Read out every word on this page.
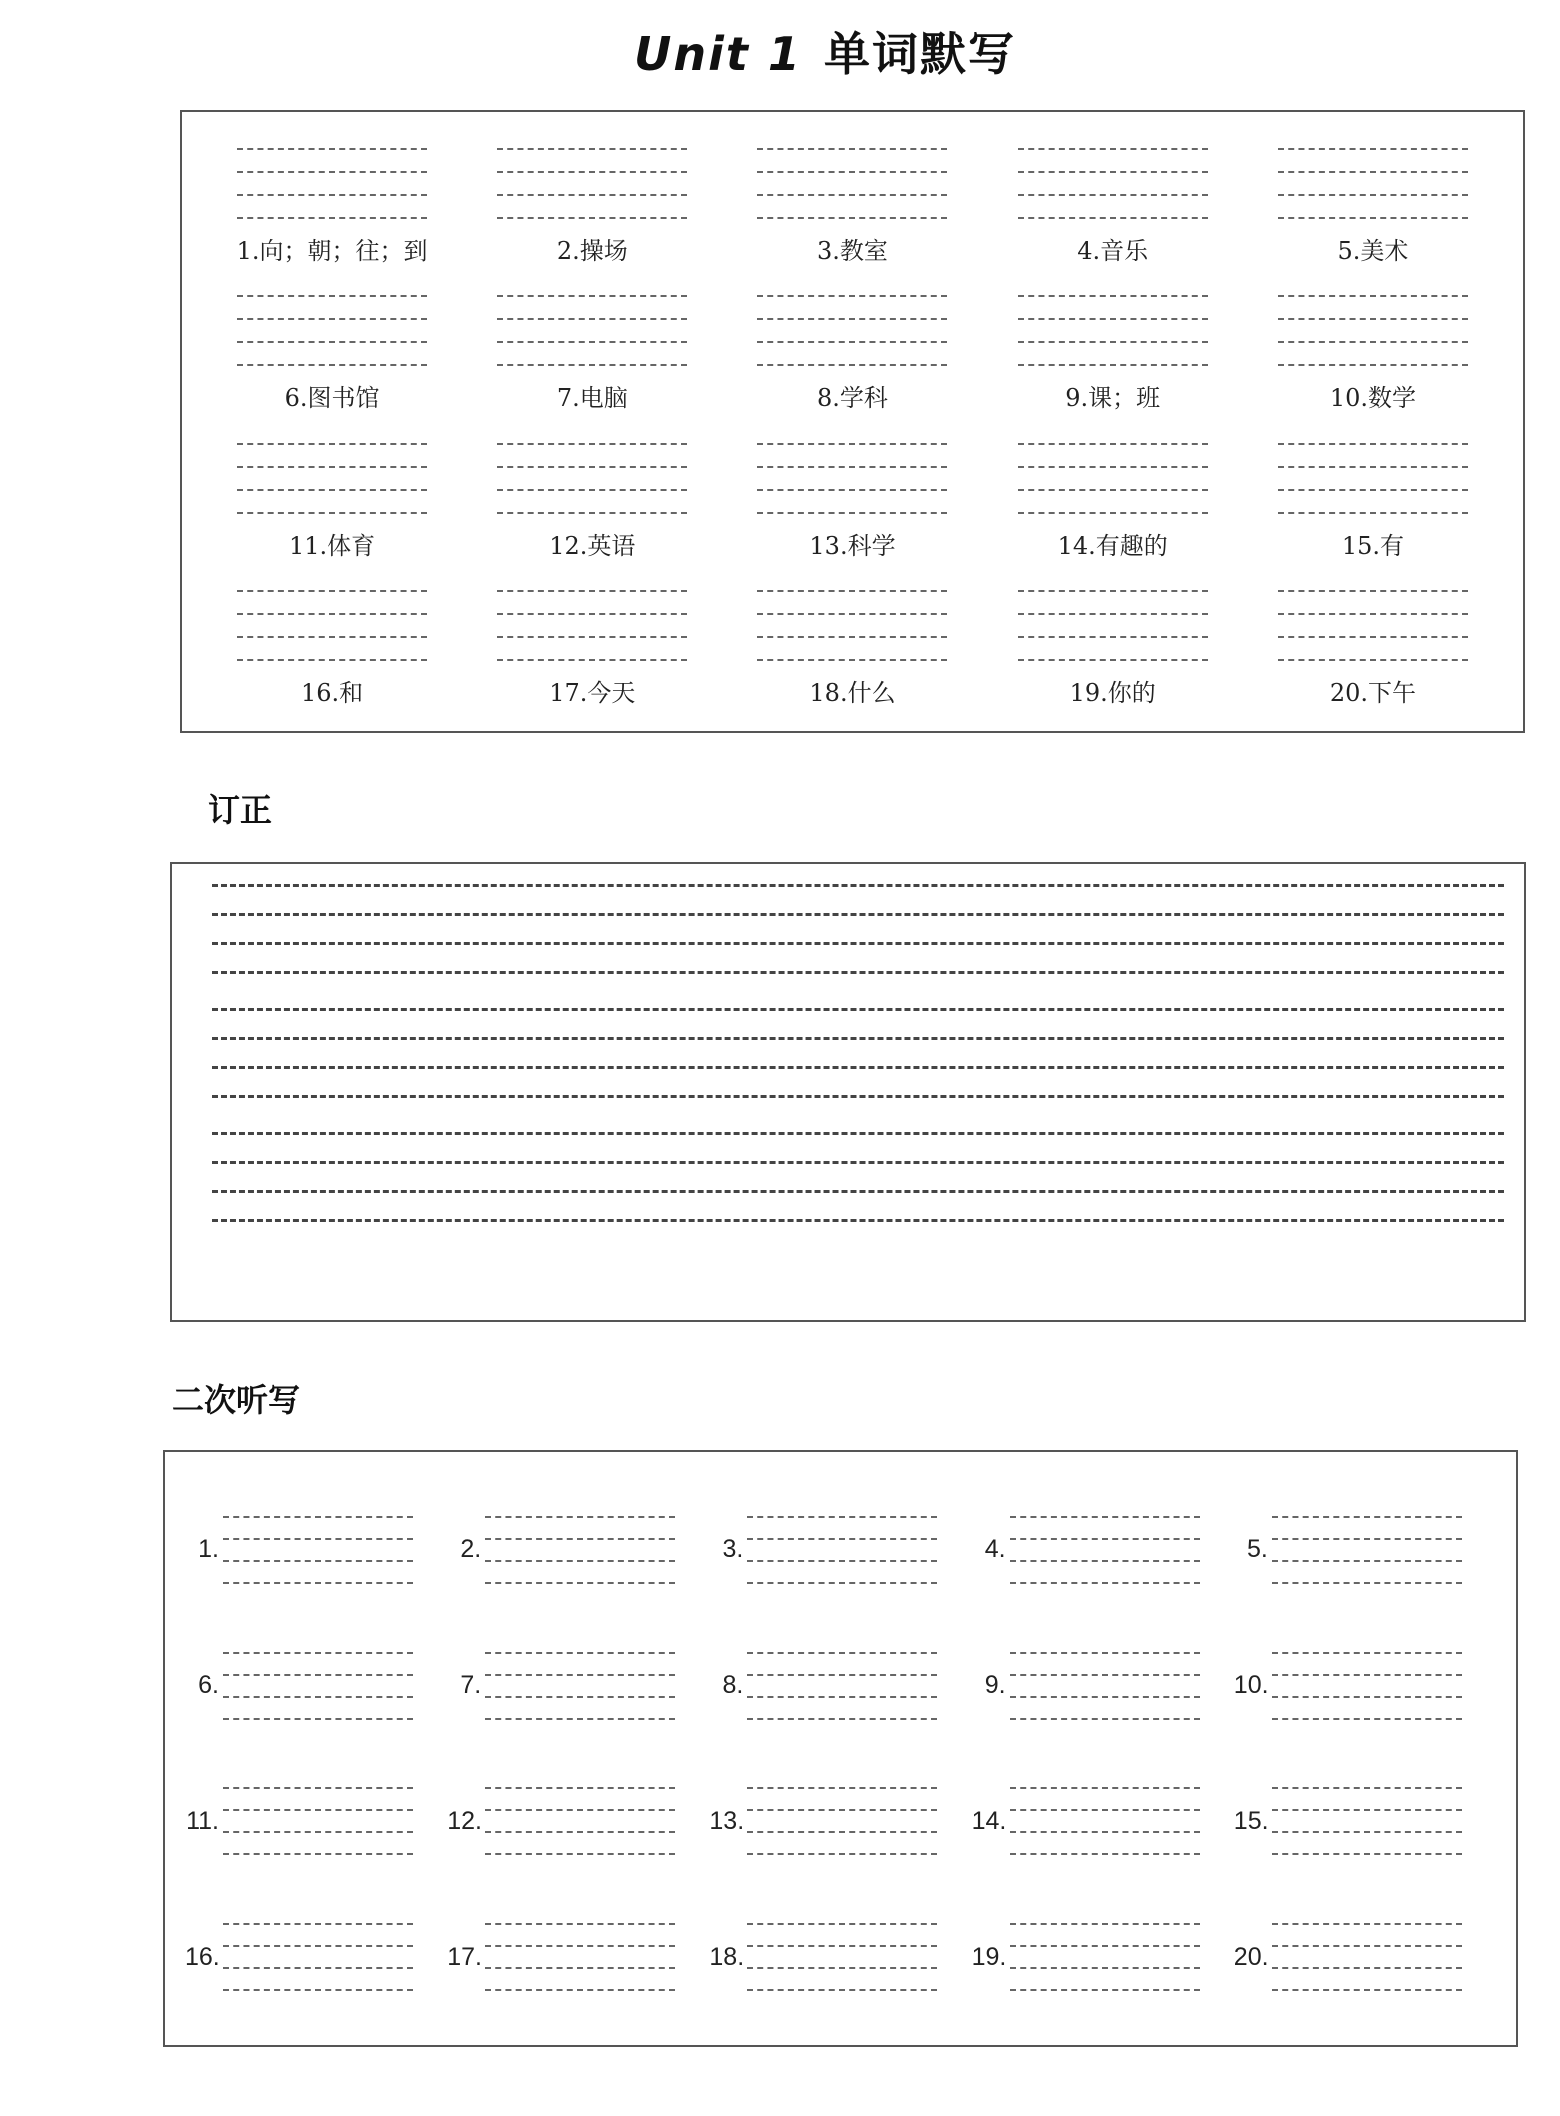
Unit 1 单词默写
1.向；朝；往；到	2.操场	3.教室	4.音乐	5.美术
6.图书馆	7.电脑	8.学科	9.课；班	10.数学
11.体育	12.英语	13.科学	14.有趣的	15.有
16.和	17.今天	18.什么	19.你的	20.下午
订正
二次听写
1.	2.	3.	4.	5.
6.	7.	8.	9.	10.
11.	12.	13.	14.	15.
16.	17.	18.	19.	20.
